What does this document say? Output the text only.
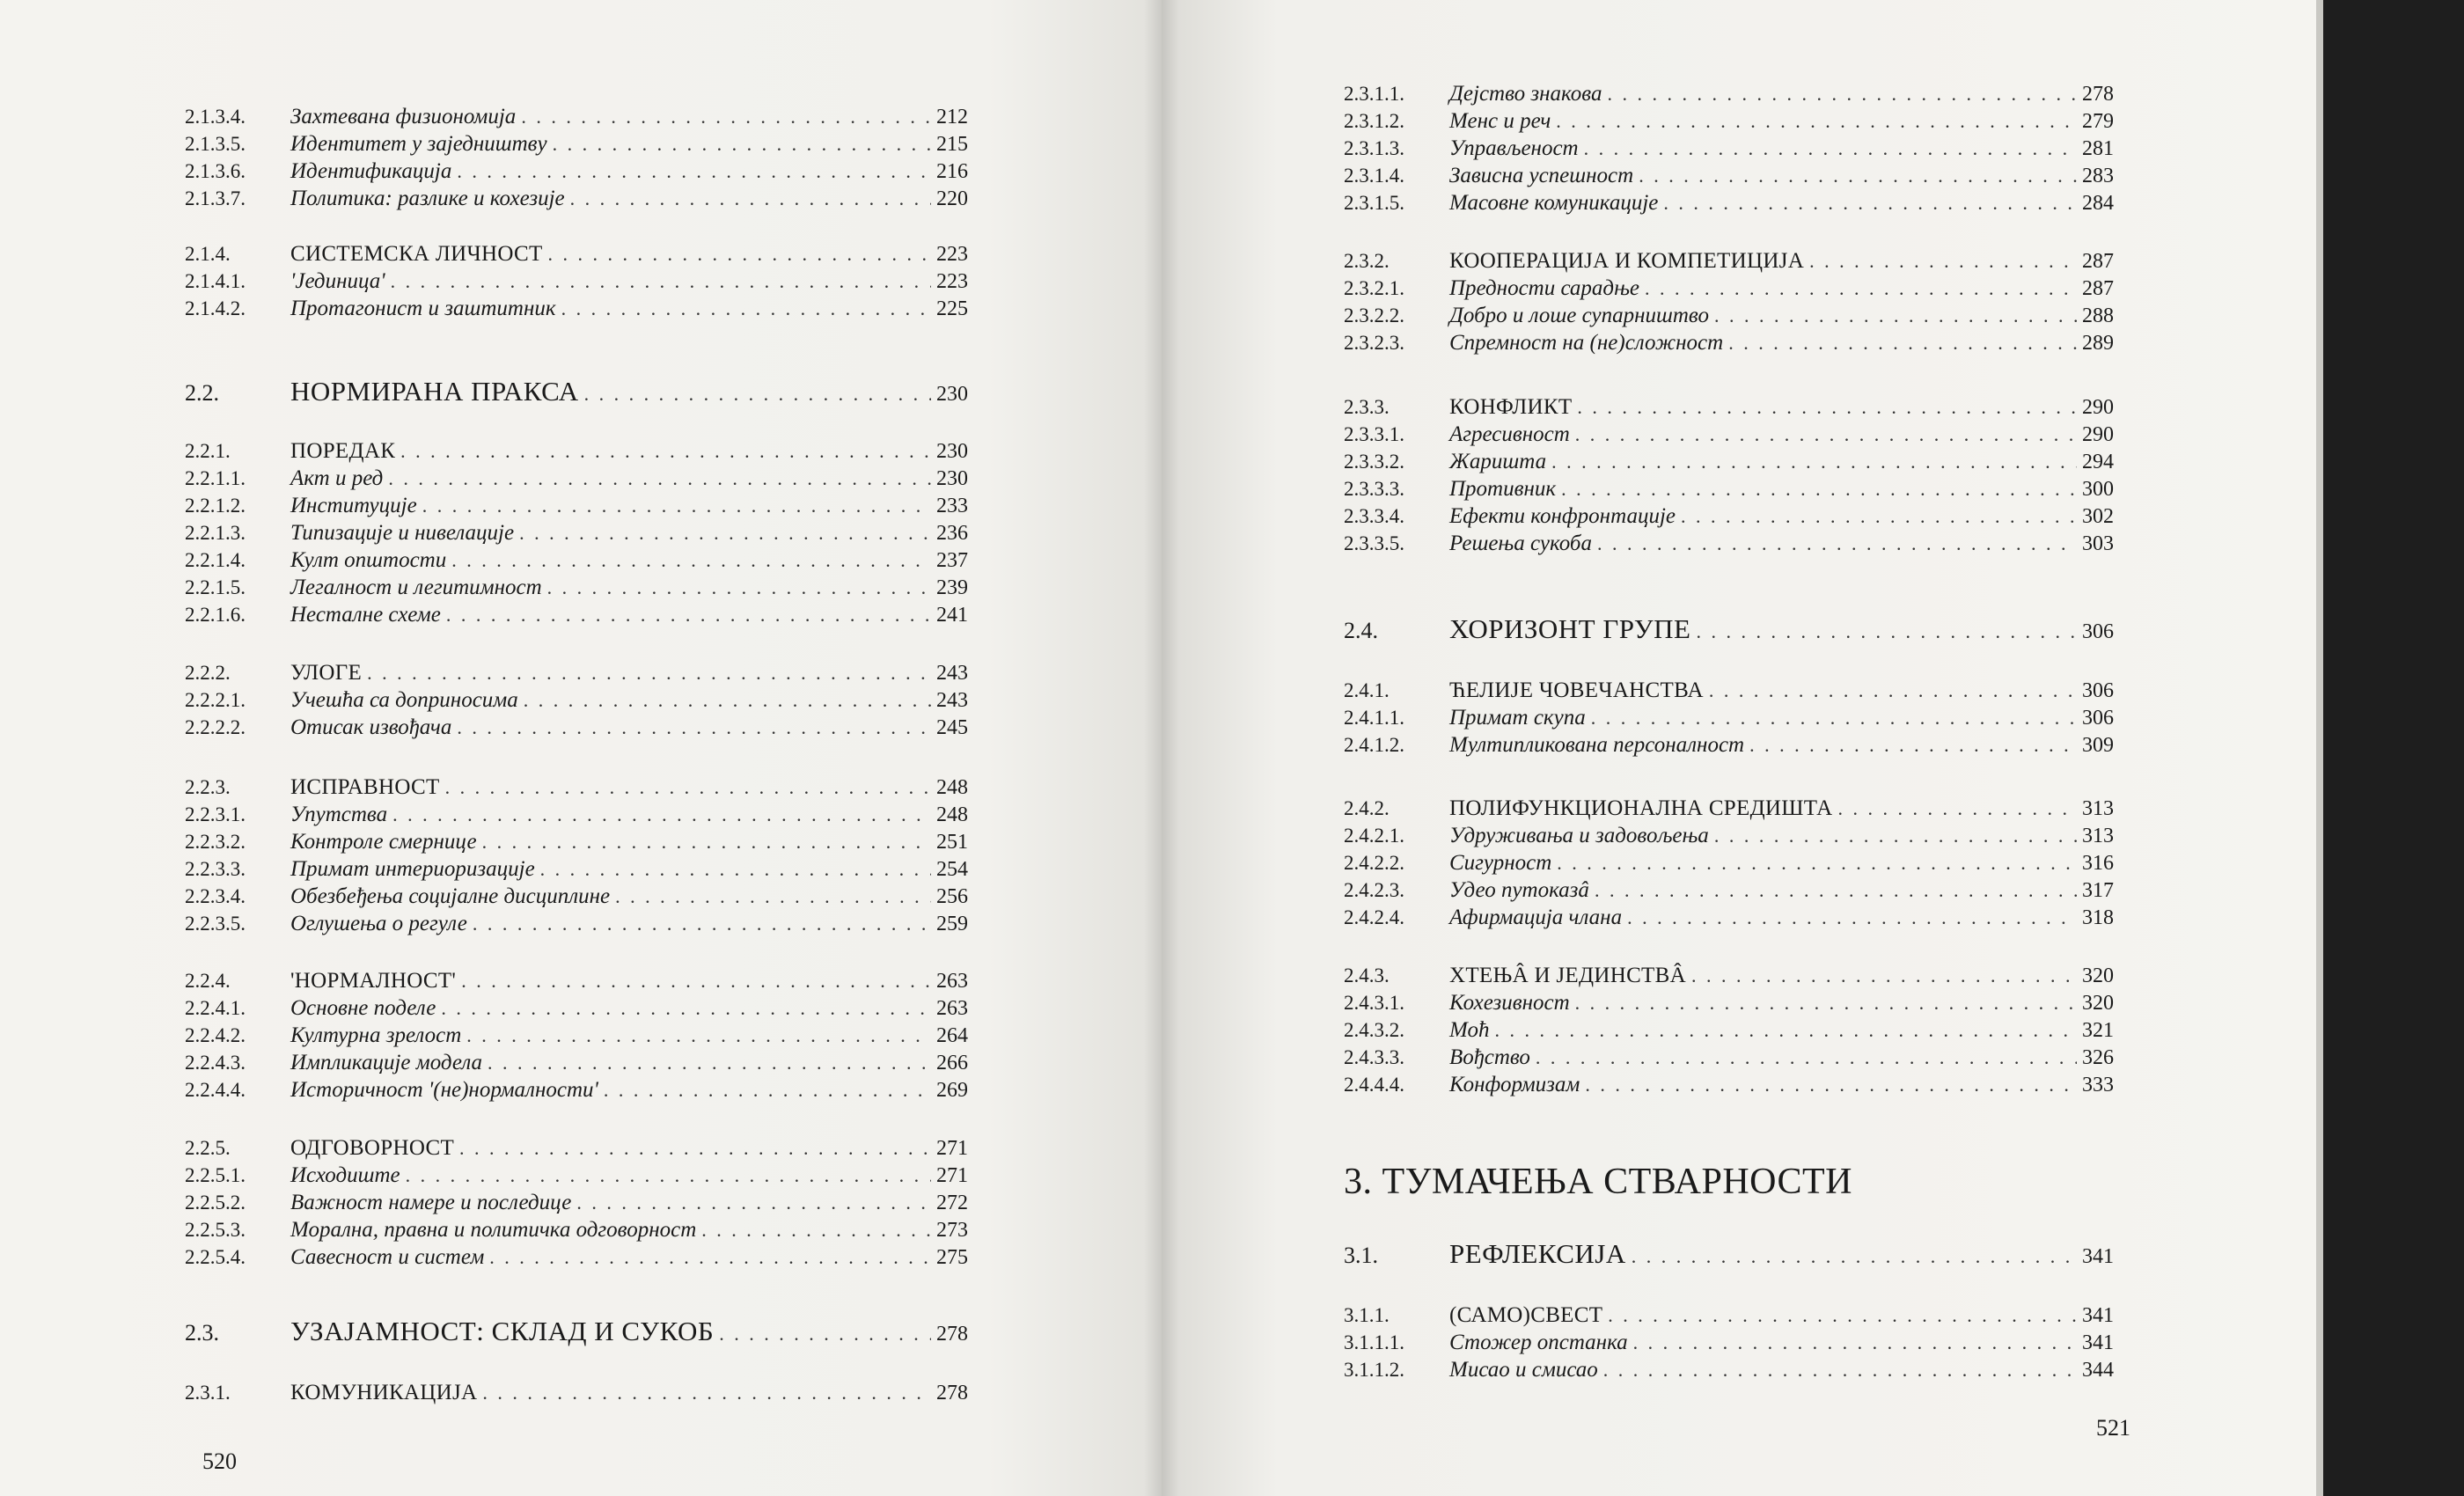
2.1.3.4.	Захтевана физиономија . . .	212
2.1.3.5.	Идентитет у заједништву . . .	215
2.1.3.6.	Идентификација . . .	216
2.1.3.7.	Политика: разлике и кохезије . . .	220
2.1.4.	СИСТЕМСКА ЛИЧНОСТ . . .	223
2.1.4.1.	'Јединица' . . .	223
2.1.4.2.	Протагонист и заштитник . . .	225
2.2.	НОРМИРАНА ПРАКСА . . .	230
2.2.1.	ПОРЕДАК . . .	230
2.2.1.1.	Акт и ред . . .	230
2.2.1.2.	Институције . . .	233
2.2.1.3.	Типизације и нивелације . . .	236
2.2.1.4.	Култ општости . . .	237
2.2.1.5.	Легалност и легитимност . . .	239
2.2.1.6.	Несталне схеме . . .	241
2.2.2.	УЛОГЕ . . .	243
2.2.2.1.	Учешћа са доприносима . . .	243
2.2.2.2.	Отисак извођача . . .	245
2.2.3.	ИСПРАВНОСТ . . .	248
2.2.3.1.	Упутства . . .	248
2.2.3.2.	Контроле смернице . . .	251
2.2.3.3.	Примат интериоризације . . .	254
2.2.3.4.	Обезбеђења социјалне дисциплине . . .	256
2.2.3.5.	Оглушења о регуле . . .	259
2.2.4.	'НОРМАЛНОСТ' . . .	263
2.2.4.1.	Основне поделе . . .	263
2.2.4.2.	Културна зрелост . . .	264
2.2.4.3.	Импликације модела . . .	266
2.2.4.4.	Историчност '(не)нормалности' . . .	269
2.2.5.	ОДГОВОРНОСТ . . .	271
2.2.5.1.	Исходиште . . .	271
2.2.5.2.	Важност намере и последице . . .	272
2.2.5.3.	Морална, правна и политичка одговорност . . .	273
2.2.5.4.	Савесност и систем . . .	275
2.3.	УЗАЈАМНОСТ: СКЛАД И СУКОБ . . .	278
2.3.1.	КОМУНИКАЦИЈА . . .	278
520
2.3.1.1.	Дејство знакова . . .	278
2.3.1.2.	Менс и реч . . .	279
2.3.1.3.	Управљеност . . .	281
2.3.1.4.	Зависна успешност . . .	283
2.3.1.5.	Масовне комуникације . . .	284
2.3.2.	КООПЕРАЦИЈА И КОМПЕТИЦИЈА . . .	287
2.3.2.1.	Предности сарадње . . .	287
2.3.2.2.	Добро и лоше супарништво . . .	288
2.3.2.3.	Спремност на (не)сложност . . .	289
2.3.3.	КОНФЛИКТ . . .	290
2.3.3.1.	Агресивност . . .	290
2.3.3.2.	Жаришта . . .	294
2.3.3.3.	Противник . . .	300
2.3.3.4.	Ефекти конфронтације . . .	302
2.3.3.5.	Решења сукоба . . .	303
2.4.	ХОРИЗОНТ ГРУПЕ . . .	306
2.4.1.	ЋЕЛИЈЕ ЧОВЕЧАНСТВА . . .	306
2.4.1.1.	Примат скупа . . .	306
2.4.1.2.	Мултипликована персоналност . . .	309
2.4.2.	ПОЛИФУНКЦИОНАЛНА СРЕДИШТА . . .	313
2.4.2.1.	Удруживања и задовољења . . .	313
2.4.2.2.	Сигурност . . .	316
2.4.2.3.	Удео путоказâ . . .	317
2.4.2.4.	Афирмација члана . . .	318
2.4.3.	ХТЕЊÂ И ЈЕДИНСТВÂ . . .	320
2.4.3.1.	Кохезивност . . .	320
2.4.3.2.	Моћ . . .	321
2.4.3.3.	Вођство . . .	326
2.4.4.4.	Конформизам . . .	333
3. ТУМАЧЕЊА СТВАРНОСТИ
3.1.	РЕФЛЕКСИЈА . . .	341
3.1.1.	(САМО)СВЕСТ . . .	341
3.1.1.1.	Стожер опстанка . . .	341
3.1.1.2.	Мисао и смисао . . .	344
521
